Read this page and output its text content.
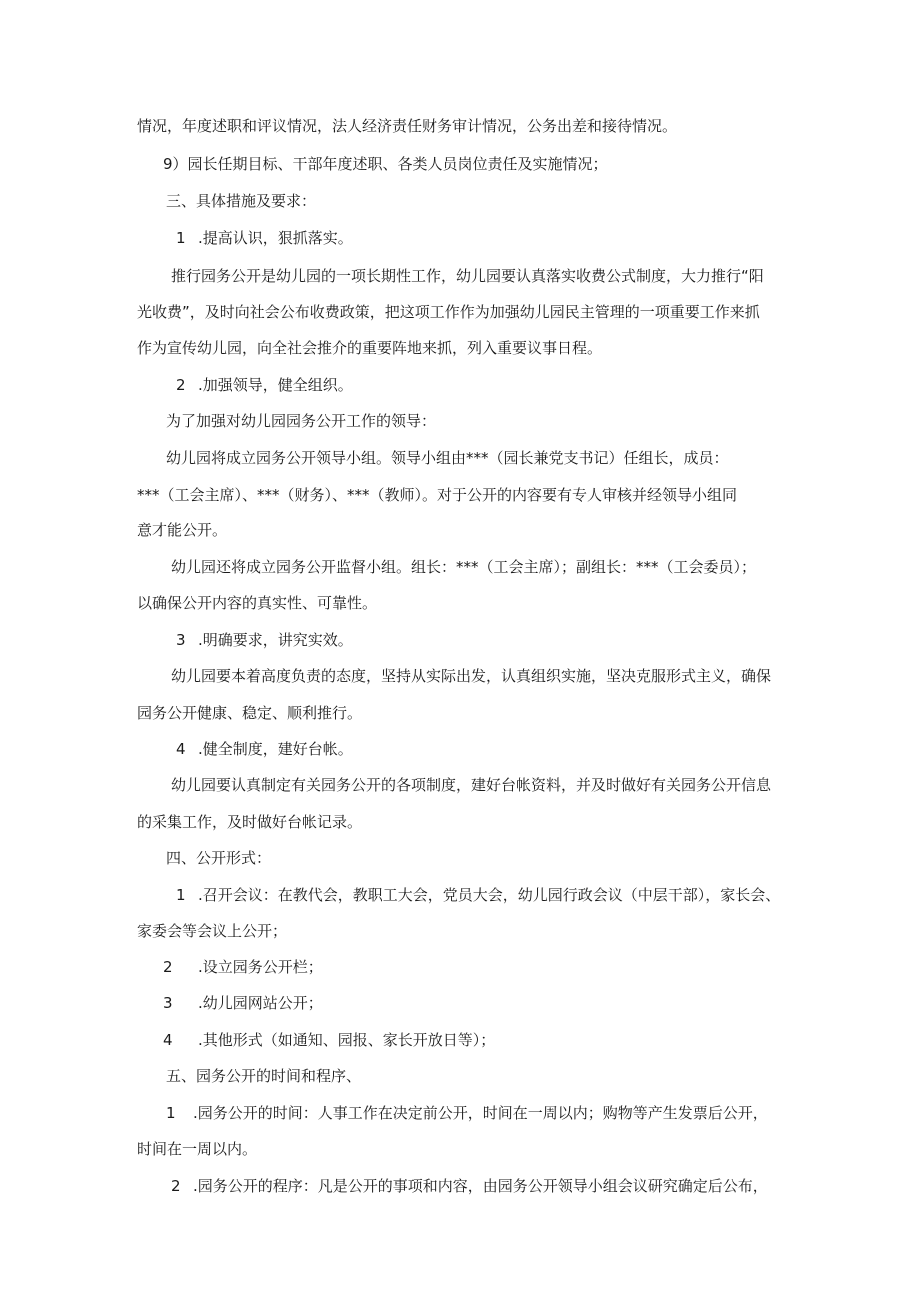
情况，年度述职和评议情况，法人经济责任财务审计情况，公务出差和接待情况。
9）园长任期目标、干部年度述职、各类人员岗位责任及实施情况；
三、具体措施及要求：
1 .提高认识，狠抓落实。
推行园务公开是幼儿园的一项长期性工作，幼儿园要认真落实收费公式制度，大力推行“阳
光收费”，及时向社会公布收费政策，把这项工作作为加强幼儿园民主管理的一项重要工作来抓
作为宣传幼儿园，向全社会推介的重要阵地来抓，列入重要议事日程。
2 .加强领导，健全组织。
为了加强对幼儿园园务公开工作的领导：
幼儿园将成立园务公开领导小组。领导小组由***（园长兼党支书记）任组长，成员：
***（工会主席）、***（财务）、***（教师）。对于公开的内容要有专人审核并经领导小组同
意才能公开。
幼儿园还将成立园务公开监督小组。组长：***（工会主席）；副组长：***（工会委员）；
以确保公开内容的真实性、可靠性。
3 .明确要求，讲究实效。
幼儿园要本着高度负责的态度，坚持从实际出发，认真组织实施，坚决克服形式主义，确保
园务公开健康、稳定、顺利推行。
4 .健全制度，建好台帐。
幼儿园要认真制定有关园务公开的各项制度，建好台帐资料，并及时做好有关园务公开信息
的采集工作，及时做好台帐记录。
四、公开形式：
1 .召开会议：在教代会，教职工大会，党员大会，幼儿园行政会议（中层干部），家长会、
家委会等会议上公开；
2 .设立园务公开栏；
3 .幼儿园网站公开；
4 .其他形式（如通知、园报、家长开放日等）；
五、园务公开的时间和程序、
1 .园务公开的时间：人事工作在决定前公开，时间在一周以内；购物等产生发票后公开，
时间在一周以内。
2 .园务公开的程序：凡是公开的事项和内容，由园务公开领导小组会议研究确定后公布，
